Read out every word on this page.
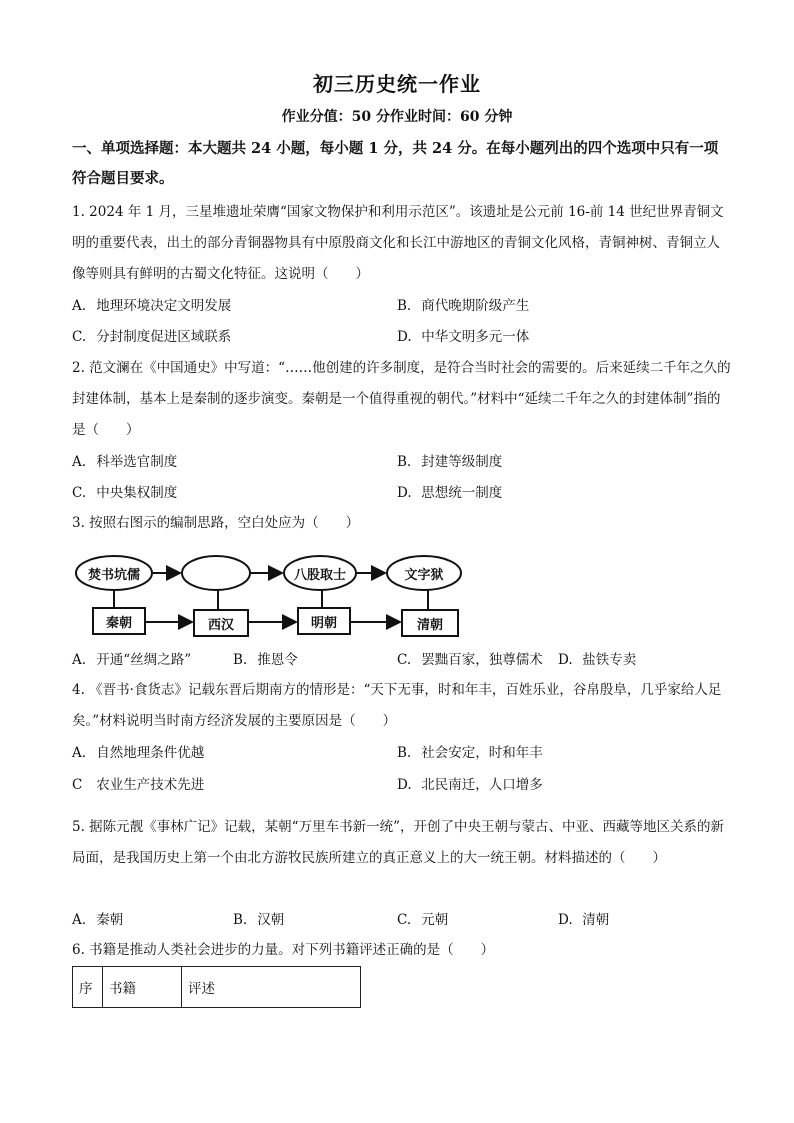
初三历史统一作业
作业分值：50 分作业时间：60 分钟
一、单项选择题：本大题共 24 小题，每小题 1 分，共 24 分。在每小题列出的四个选项中只有一项符合题目要求。
1. 2024 年 1 月，三星堆遗址荣膺“国家文物保护和利用示范区”。该遗址是公元前 16-前 14 世纪世界青铜文明的重要代表，出土的部分青铜器物具有中原殷商文化和长江中游地区的青铜文化风格，青铜神树、青铜立人像等则具有鲜明的古蜀文化特征。这说明（　　）
A. 地理环境决定文明发展	B. 商代晚期阶级产生
C. 分封制度促进区域联系	D. 中华文明多元一体
2. 范文澜在《中国通史》中写道：“……他创建的许多制度，是符合当时社会的需要的。后来延续二千年之久的封建体制，基本上是秦制的逐步演变。秦朝是一个值得重视的朝代。”材料中“延续二千年之久的封建体制”指的是（　　）
A. 科举选官制度	B. 封建等级制度
C. 中央集权制度	D. 思想统一制度
3. 按照右图示的编制思路，空白处应为（　　）
焚书坑儒	八股取士	文字狱
秦朝	西汉	明朝	清朝
A. 开通“丝绸之路”	B. 推恩令	C. 罢黜百家，独尊儒术 D. 盐铁专卖
4. 《晋书·食货志》记载东晋后期南方的情形是：“天下无事，时和年丰，百姓乐业，谷帛殷阜，几乎家给人足矣。”材料说明当时南方经济发展的主要原因是（　　）
A. 自然地理条件优越	B. 社会安定，时和年丰
C 农业生产技术先进	D. 北民南迁，人口增多
5. 据陈元靓《事林广记》记载，某朝“万里车书新一统”，开创了中央王朝与蒙古、中亚、西藏等地区关系的新局面，是我国历史上第一个由北方游牧民族所建立的真正意义上的大一统王朝。材料描述的（　　）
A. 秦朝	B. 汉朝	C. 元朝	D. 清朝
6. 书籍是推动人类社会进步的力量。对下列书籍评述正确的是（　　）
序	书籍	评述
